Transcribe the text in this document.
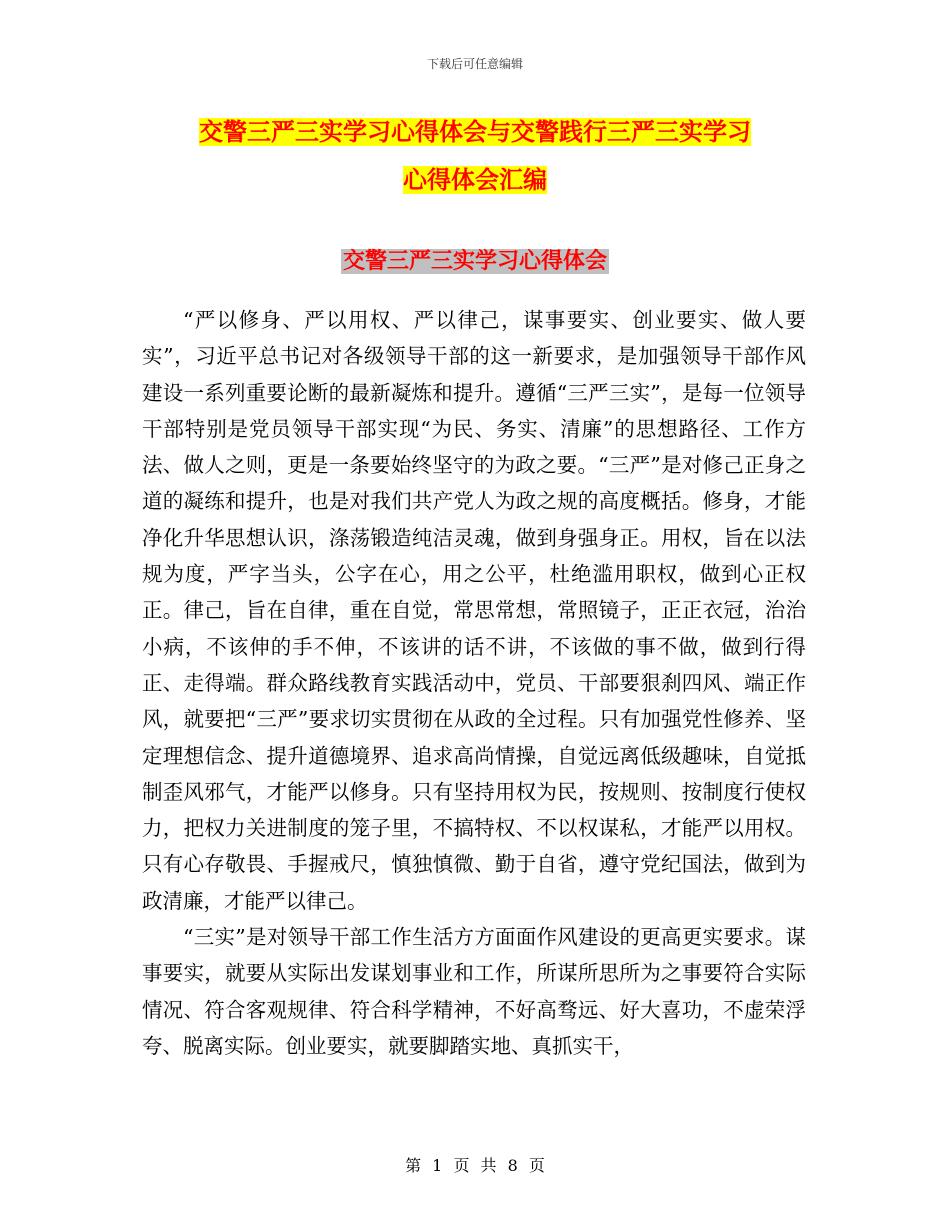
下载后可任意编辑
交警三严三实学习心得体会与交警践行三严三实学习
心得体会汇编
交警三严三实学习心得体会

“严以修身、严以用权、严以律己，谋事要实、创业要实、做人要实”，习近平总书记对各级领导干部的这一新要求，是加强领导干部作风建设一系列重要论断的最新凝炼和提升。遵循“三严三实”，是每一位领导干部特别是党员领导干部实现“为民、务实、清廉”的思想路径、工作方法、做人之则，更是一条要始终坚守的为政之要。“三严”是对修己正身之道的凝练和提升，也是对我们共产党人为政之规的高度概括。修身，才能净化升华思想认识，涤荡锻造纯洁灵魂，做到身强身正。用权，旨在以法规为度，严字当头，公字在心，用之公平，杜绝滥用职权，做到心正权正。律己，旨在自律，重在自觉，常思常想，常照镜子，正正衣冠，治治小病，不该伸的手不伸，不该讲的话不讲，不该做的事不做，做到行得正、走得端。群众路线教育实践活动中，党员、干部要狠刹四风、端正作风，就要把“三严”要求切实贯彻在从政的全过程。只有加强党性修养、坚定理想信念、提升道德境界、追求高尚情操，自觉远离低级趣味，自觉抵制歪风邪气，才能严以修身。只有坚持用权为民，按规则、按制度行使权力，把权力关进制度的笼子里，不搞特权、不以权谋私，才能严以用权。只有心存敬畏、手握戒尺，慎独慎微、勤于自省，遵守党纪国法，做到为政清廉，才能严以律己。

“三实”是对领导干部工作生活方方面面作风建设的更高更实要求。谋事要实，就要从实际出发谋划事业和工作，所谋所思所为之事要符合实际情况、符合客观规律、符合科学精神，不好高骛远、好大喜功，不虚荣浮夸、脱离实际。创业要实，就要脚踏实地、真抓实干，

第 1 页 共 8 页
